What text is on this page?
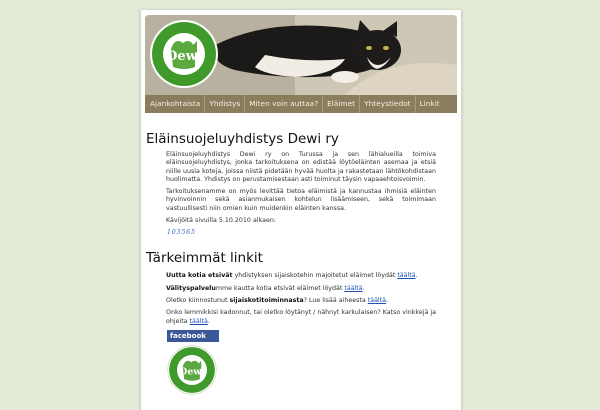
Dewi
Ajankohtaista	Yhdistys	Miten voin auttaa?	Eläimet	Yhteystiedot	Linkit
Eläinsuojeluyhdistys Dewi ry

Eläinsuojeluyhdistys Dewi ry on Turussa ja sen lähialueilla toimiva eläinsuojeluyhdistys, jonka tarkoituksena on edistää löytöeläinten asemaa ja etsiä niille uusia koteja, joissa niistä pidetään hyvää huolta ja rakastetaan lähtökohdistaan huolimatta. Yhdistys on perustamisestaan asti toiminut täysin vapaaehtoisvoimin.

Tarkoituksenamme on myös levittää tietoa eläimistä ja kannustaa ihmisiä eläinten hyvinvoinnin sekä asianmukaisen kohtelun lisäämiseen, sekä toimimaan vastuullisesti niin omien kuin muidenkin eläinten kanssa.

Kävijöitä sivuilla 5.10.2010 alkaen:

103565
Tärkeimmät linkit

Uutta kotia etsivät yhdistyksen sijaiskotehin majoitetut eläimet löydät täältä.

Välityspalvelumme kautta kotia etsivät eläimet löydät täältä.

Oletko kiinnostunut sijaiskotitoiminnasta? Lue lisää aiheesta täältä.

Onko lemmikkisi kadonnut, tai oletko löytänyt / nähnyt karkulaisen? Katso vinkkejä ja ohjeita täältä.

facebook
Dewi
